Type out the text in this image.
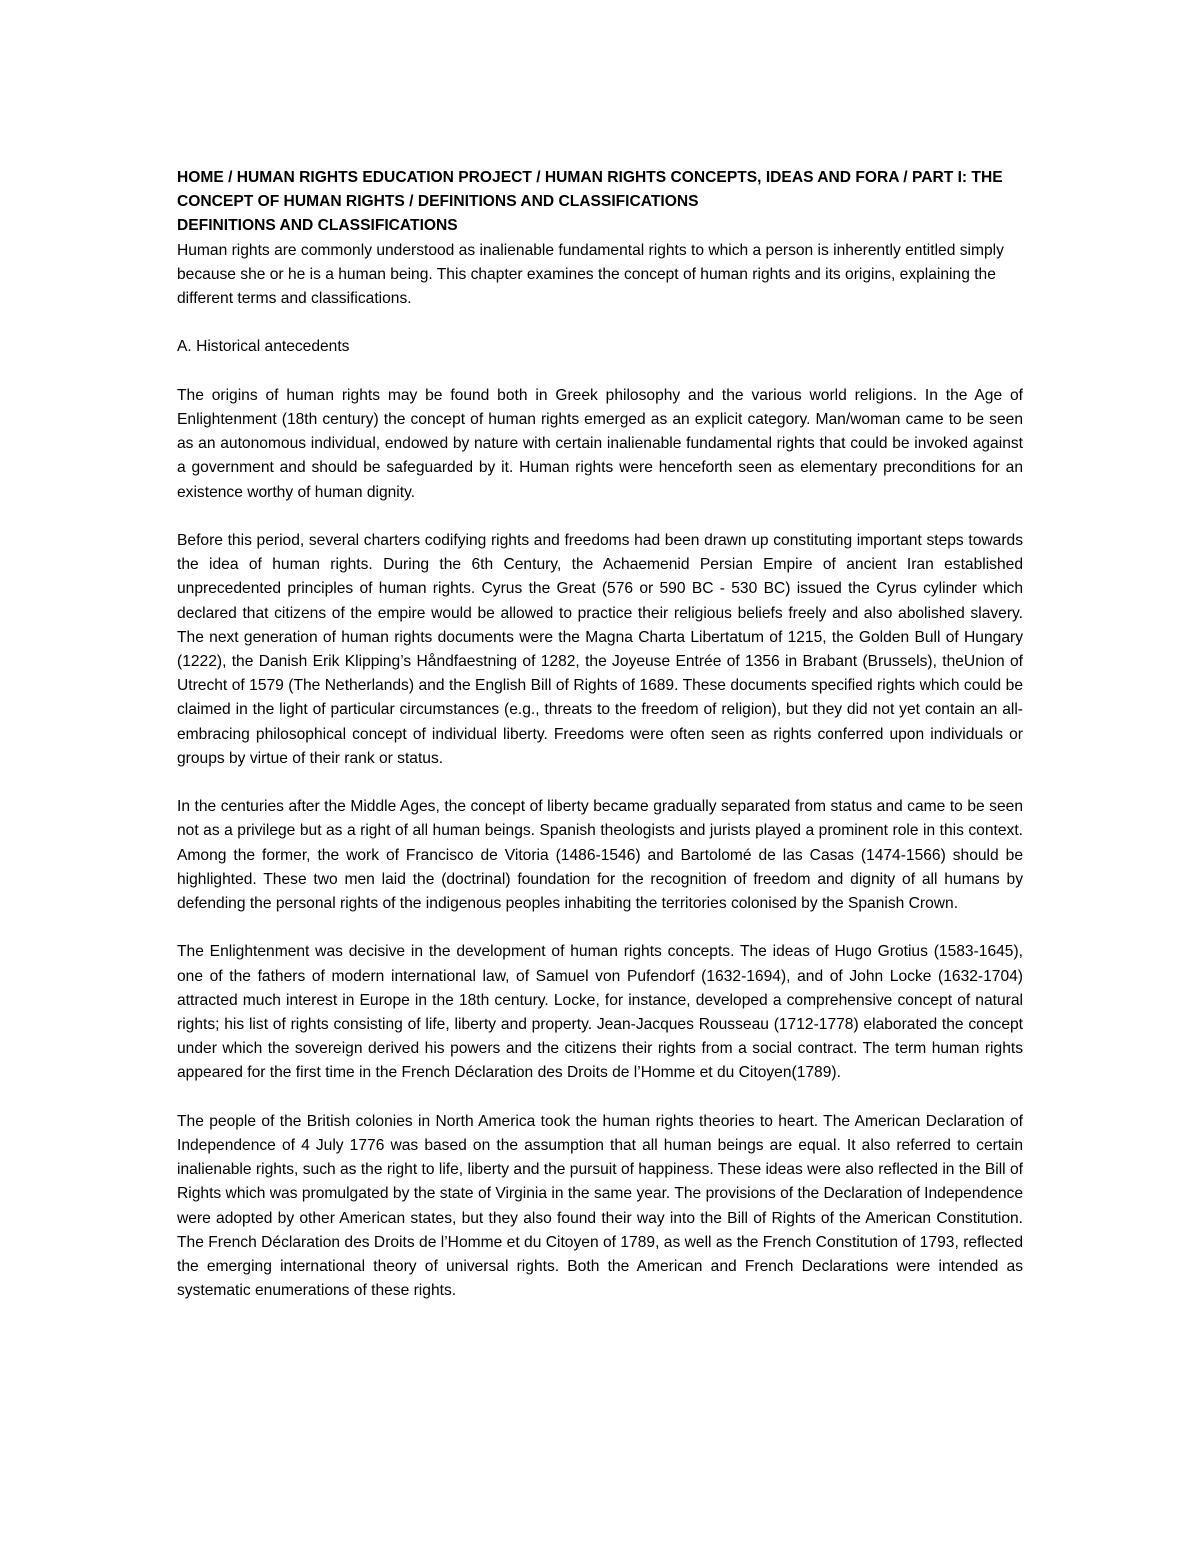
HOME / HUMAN RIGHTS EDUCATION PROJECT / HUMAN RIGHTS CONCEPTS, IDEAS AND FORA / PART I: THE CONCEPT OF HUMAN RIGHTS / DEFINITIONS AND CLASSIFICATIONS

DEFINITIONS AND CLASSIFICATIONS

Human rights are commonly understood as inalienable fundamental rights to which a person is inherently entitled simply because she or he is a human being. This chapter examines the concept of human rights and its origins, explaining the different terms and classifications.

A. Historical antecedents

The origins of human rights may be found both in Greek philosophy and the various world religions. In the Age of Enlightenment (18th century) the concept of human rights emerged as an explicit category. Man/woman came to be seen as an autonomous individual, endowed by nature with certain inalienable fundamental rights that could be invoked against a government and should be safeguarded by it. Human rights were henceforth seen as elementary preconditions for an existence worthy of human dignity.

Before this period, several charters codifying rights and freedoms had been drawn up constituting important steps towards the idea of human rights. During the 6th Century, the Achaemenid Persian Empire of ancient Iran established unprecedented principles of human rights. Cyrus the Great (576 or 590 BC - 530 BC) issued the Cyrus cylinder which declared that citizens of the empire would be allowed to practice their religious beliefs freely and also abolished slavery. The next generation of human rights documents were the Magna Charta Libertatum of 1215, the Golden Bull of Hungary (1222), the Danish Erik Klipping’s Håndfaestning of 1282, the Joyeuse Entrée of 1356 in Brabant (Brussels), theUnion of Utrecht of 1579 (The Netherlands) and the English Bill of Rights of 1689. These documents specified rights which could be claimed in the light of particular circumstances (e.g., threats to the freedom of religion), but they did not yet contain an all-embracing philosophical concept of individual liberty. Freedoms were often seen as rights conferred upon individuals or groups by virtue of their rank or status.

In the centuries after the Middle Ages, the concept of liberty became gradually separated from status and came to be seen not as a privilege but as a right of all human beings. Spanish theologists and jurists played a prominent role in this context. Among the former, the work of Francisco de Vitoria (1486-1546) and Bartolomé de las Casas (1474-1566) should be highlighted. These two men laid the (doctrinal) foundation for the recognition of freedom and dignity of all humans by defending the personal rights of the indigenous peoples inhabiting the territories colonised by the Spanish Crown.

The Enlightenment was decisive in the development of human rights concepts. The ideas of Hugo Grotius (1583-1645), one of the fathers of modern international law, of Samuel von Pufendorf (1632-1694), and of John Locke (1632-1704) attracted much interest in Europe in the 18th century. Locke, for instance, developed a comprehensive concept of natural rights; his list of rights consisting of life, liberty and property. Jean-Jacques Rousseau (1712-1778) elaborated the concept under which the sovereign derived his powers and the citizens their rights from a social contract. The term human rights appeared for the first time in the French Déclaration des Droits de l’Homme et du Citoyen(1789).

The people of the British colonies in North America took the human rights theories to heart. The American Declaration of Independence of 4 July 1776 was based on the assumption that all human beings are equal. It also referred to certain inalienable rights, such as the right to life, liberty and the pursuit of happiness. These ideas were also reflected in the Bill of Rights which was promulgated by the state of Virginia in the same year. The provisions of the Declaration of Independence were adopted by other American states, but they also found their way into the Bill of Rights of the American Constitution. The French Déclaration des Droits de l’Homme et du Citoyen of 1789, as well as the French Constitution of 1793, reflected the emerging international theory of universal rights. Both the American and French Declarations were intended as systematic enumerations of these rights.
